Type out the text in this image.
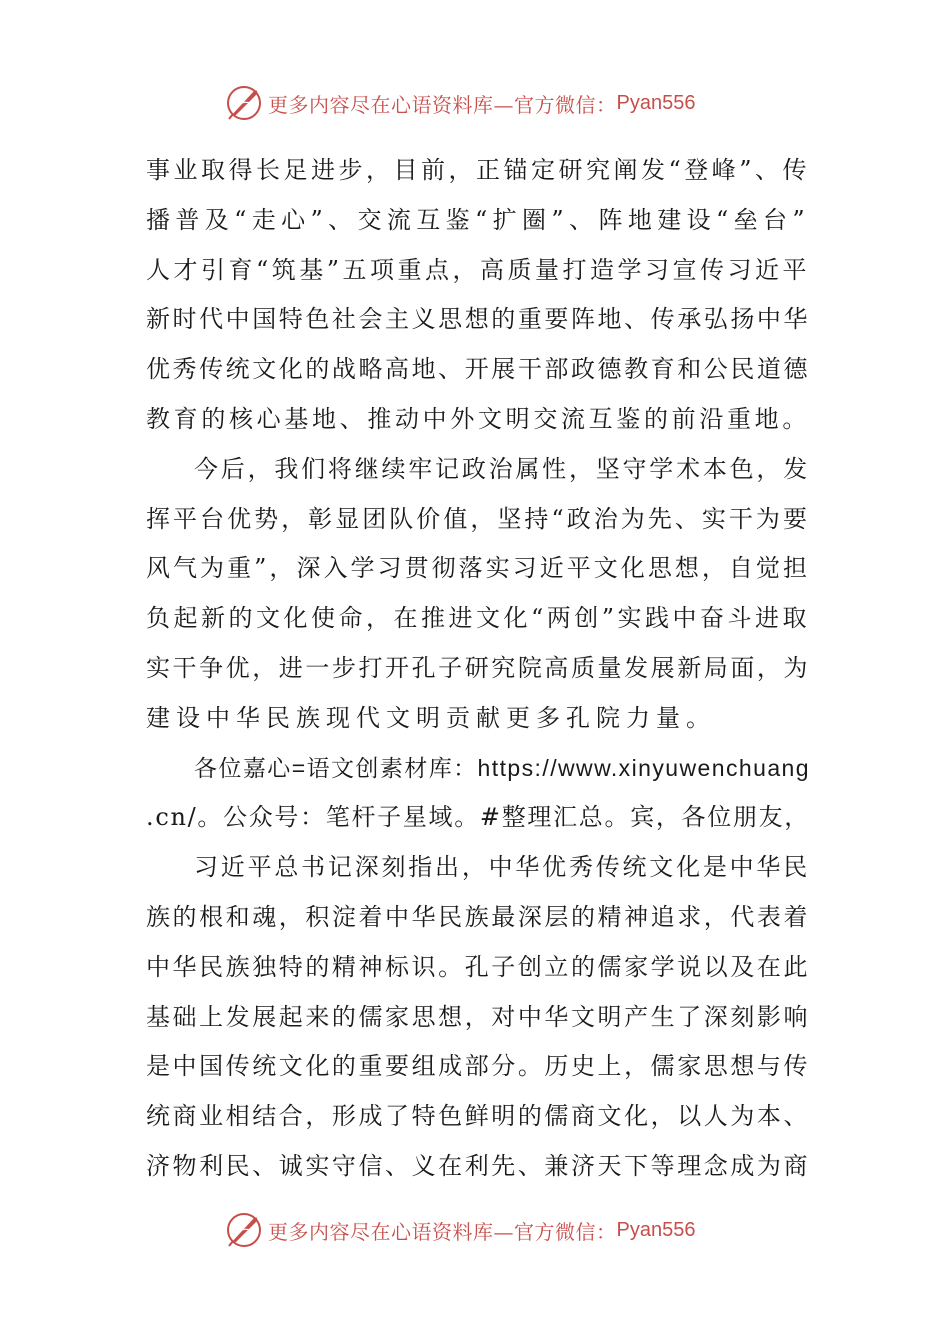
更多内容尽在心语资料库—官方微信： Pyan556
事业取得长足进步，目前，正锚定研究阐发“登峰”、传
播普及“走心”、交流互鉴“扩圈”、阵地建设“垒台”
人才引育“筑基”五项重点，高质量打造学习宣传习近平
新时代中国特色社会主义思想的重要阵地、传承弘扬中华
优秀传统文化的战略高地、开展干部政德教育和公民道德
教育的核心基地、推动中外文明交流互鉴的前沿重地。
今后，我们将继续牢记政治属性，坚守学术本色，发
挥平台优势，彰显团队价值，坚持“政治为先、实干为要
风气为重”，深入学习贯彻落实习近平文化思想，自觉担
负起新的文化使命，在推进文化“两创”实践中奋斗进取
实干争优，进一步打开孔子研究院高质量发展新局面，为
建设中华民族现代文明贡献更多孔院力量。
各位嘉心=语文创素材库：https://www.xinyuwenchuang
.cn/。公众号：笔杆子星域。#整理汇总。宾，各位朋友，
习近平总书记深刻指出，中华优秀传统文化是中华民
族的根和魂，积淀着中华民族最深层的精神追求，代表着
中华民族独特的精神标识。孔子创立的儒家学说以及在此
基础上发展起来的儒家思想，对中华文明产生了深刻影响
是中国传统文化的重要组成部分。历史上，儒家思想与传
统商业相结合，形成了特色鲜明的儒商文化，以人为本、
济物利民、诚实守信、义在利先、兼济天下等理念成为商
更多内容尽在心语资料库—官方微信： Pyan556
